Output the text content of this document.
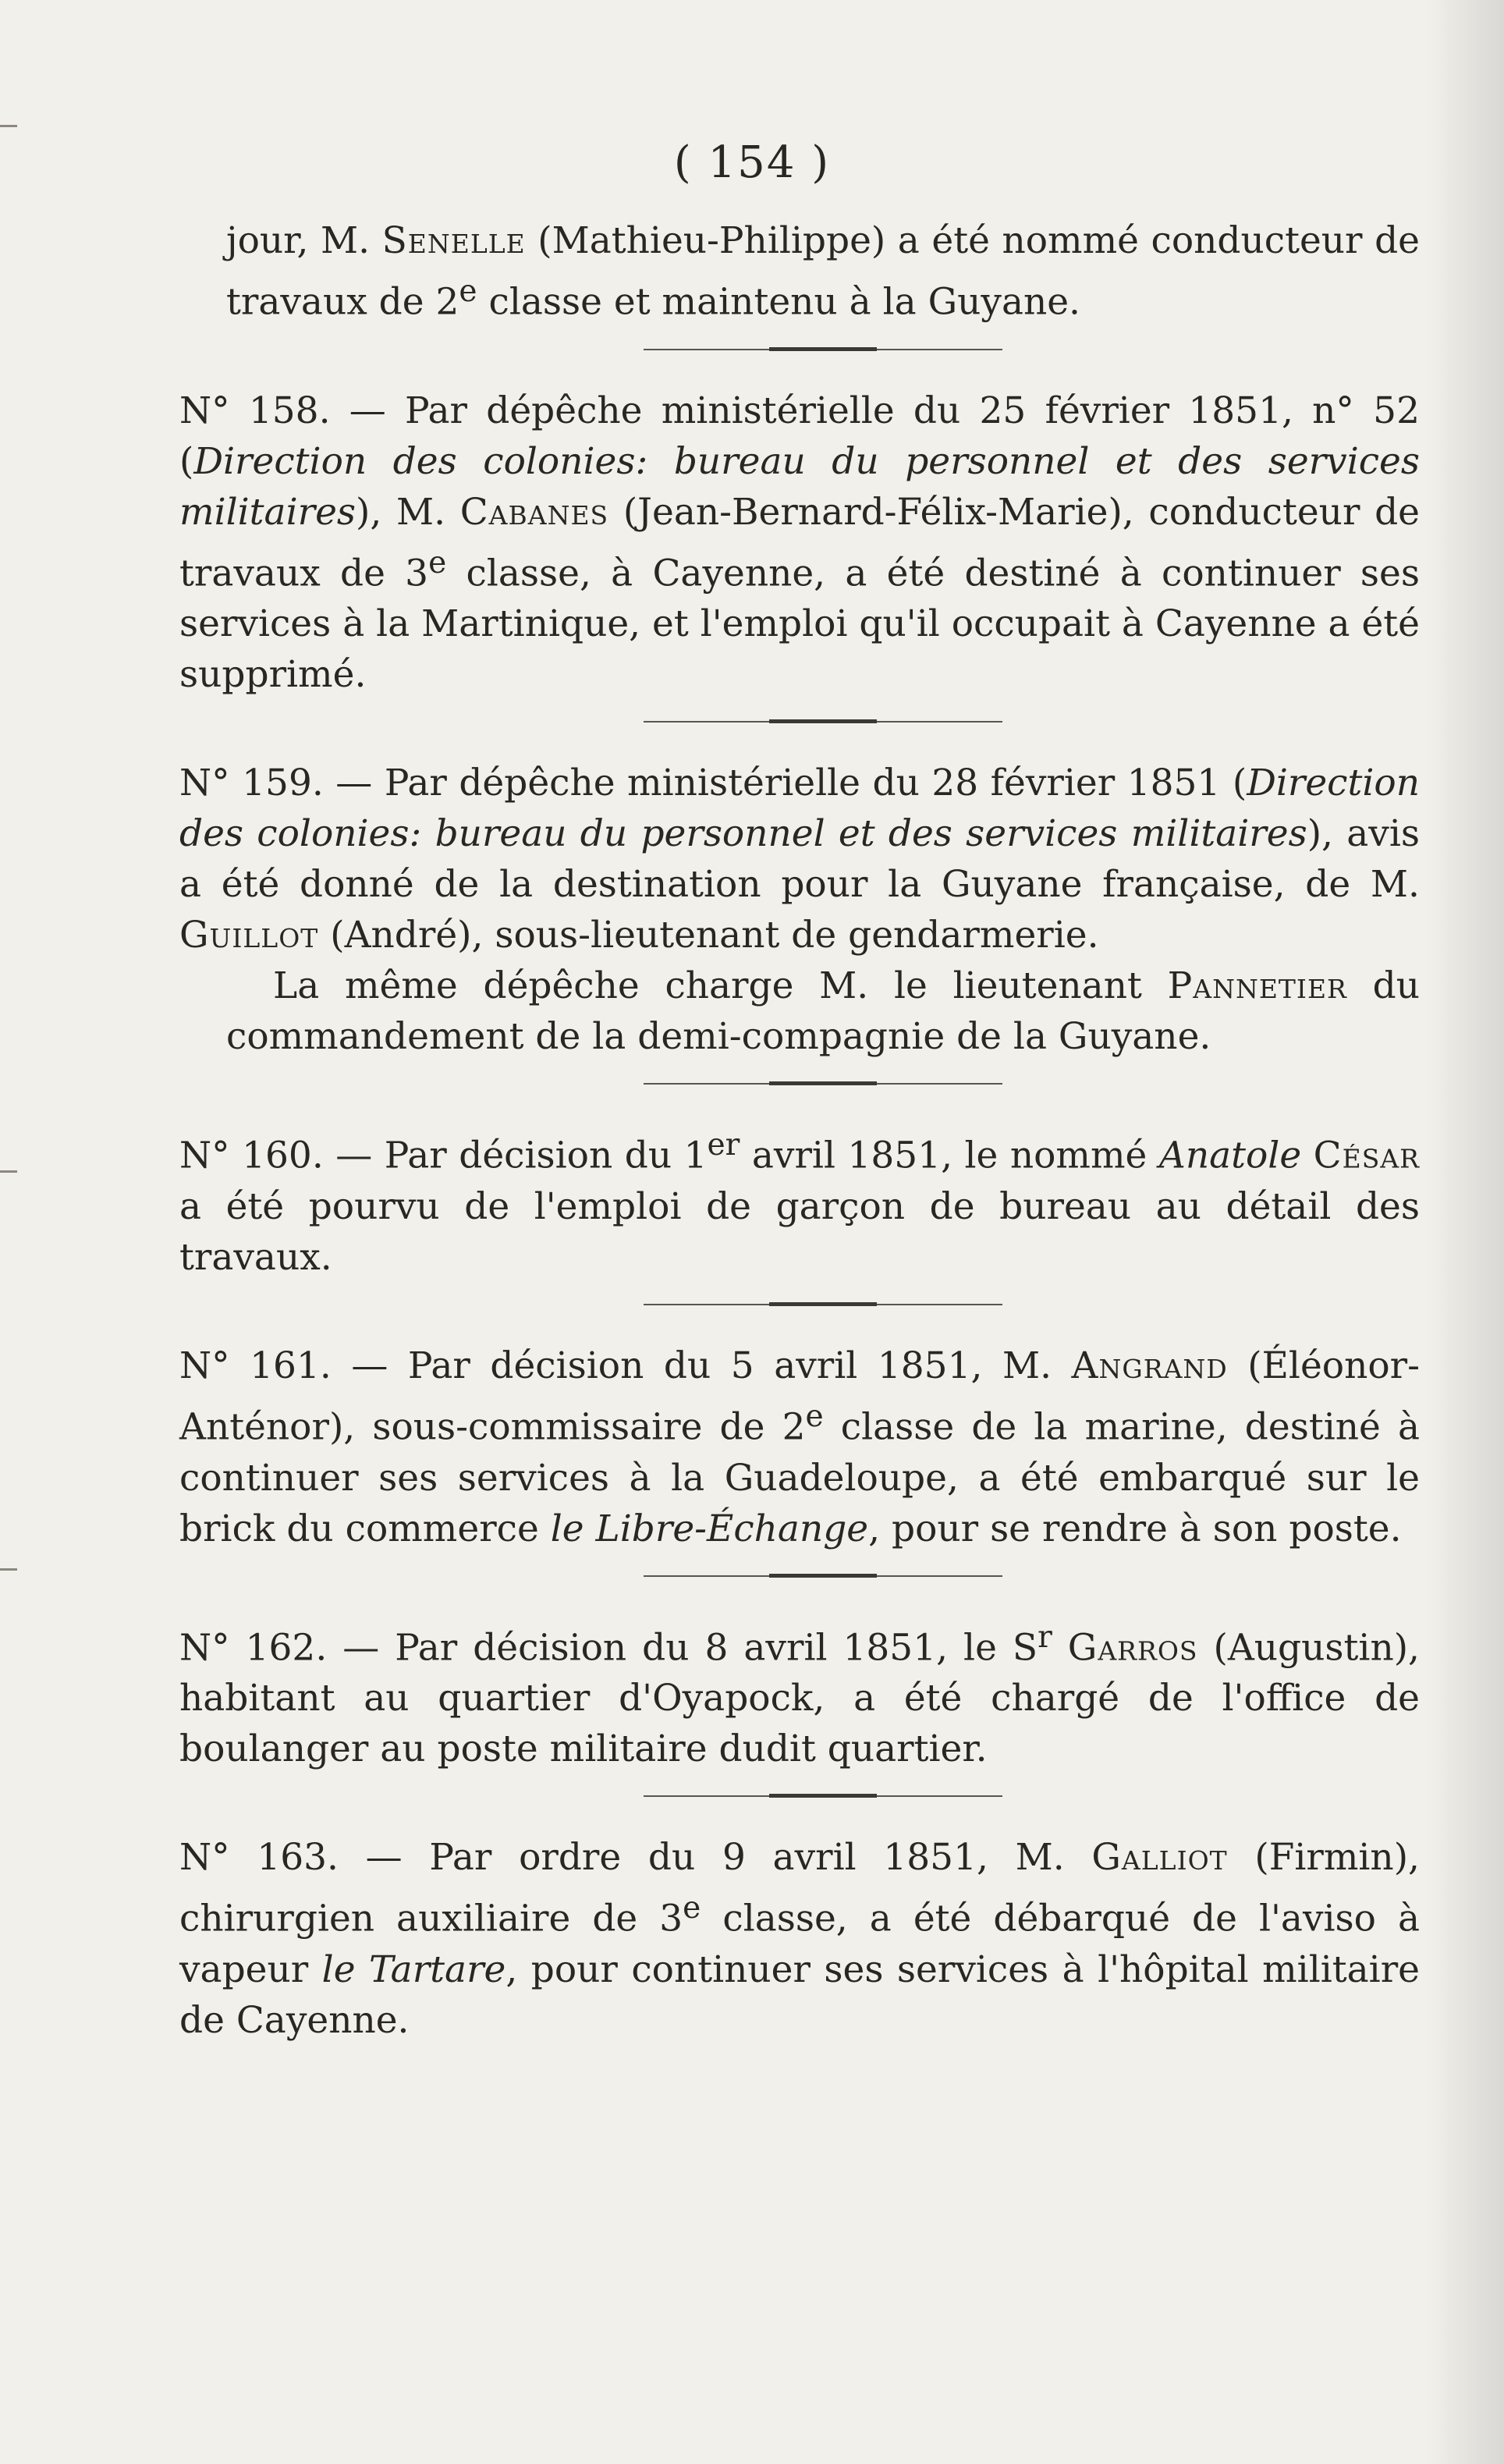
( 154 )

jour, M. Senelle (Mathieu-Philippe) a été nommé conducteur de travaux de 2e classe et maintenu à la Guyane.

N° 158. — Par dépêche ministérielle du 25 février 1851, n° 52 (Direction des colonies: bureau du personnel et des services militaires), M. Cabanes (Jean-Bernard-Félix-Marie), conducteur de travaux de 3e classe, à Cayenne, a été destiné à continuer ses services à la Martinique, et l'emploi qu'il occupait à Cayenne a été supprimé.

N° 159. — Par dépêche ministérielle du 28 février 1851 (Direction des colonies: bureau du personnel et des services militaires), avis a été donné de la destination pour la Guyane française, de M. Guillot (André), sous-lieutenant de gendarmerie.

La même dépêche charge M. le lieutenant Pannetier du commandement de la demi-compagnie de la Guyane.

N° 160. — Par décision du 1er avril 1851, le nommé Anatole César a été pourvu de l'emploi de garçon de bureau au détail des travaux.

N° 161. — Par décision du 5 avril 1851, M. Angrand (Éléonor-Anténor), sous-commissaire de 2e classe de la marine, destiné à continuer ses services à la Guadeloupe, a été embarqué sur le brick du commerce le Libre-Échange, pour se rendre à son poste.

N° 162. — Par décision du 8 avril 1851, le $S^r$ Garros (Augustin), habitant au quartier d'Oyapock, a été chargé de l'office de boulanger au poste militaire dudit quartier.

N° 163. — Par ordre du 9 avril 1851, M. Galliot (Firmin), chirurgien auxiliaire de 3e classe, a été débarqué de l'aviso à vapeur le Tartare, pour continuer ses services à l'hôpital militaire de Cayenne.
